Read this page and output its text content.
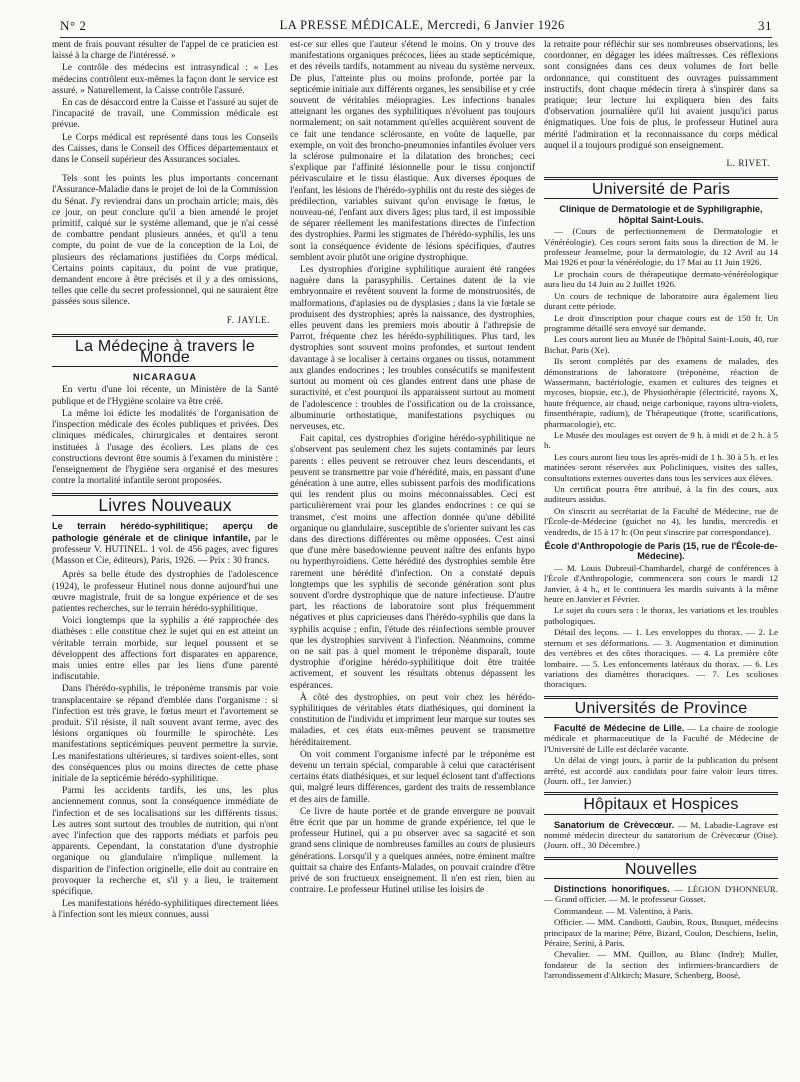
N° 2	LA PRESSE MÉDICALE, Mercredi, 6 Janvier 1926	31

ment de frais pouvant résulter de l'appel de ce praticien est laissé à la charge de l'intéressé. »

Le contrôle des médecins est intrasyndical : « Les médecins contrôlent eux-mêmes la façon dont le service est assuré. » Naturellement, la Caisse contrôle l'assuré.

En cas de désaccord entre la Caisse et l'assuré au sujet de l'incapacité de travail, une Commission médicale est prévue.

Le Corps médical est représenté dans tous les Conseils des Caisses, dans le Conseil des Offices départementaux et dans le Conseil supérieur des Assurances sociales.

Tels sont les points les plus importants concernant l'Assurance-Maladie dans le projet de loi de la Commission du Sénat. J'y reviendrai dans un prochain article; mais, dès ce jour, on peut conclure qu'il a bien amendé le projet primitif, calqué sur le système allemand, que je n'ai cessé de combattre pendant plusieurs années, et qu'il a tenu compte, du point de vue de la conception de la Loi, de plusieurs des réclamations justifiées du Corps médical. Certains points capitaux, du point de vue pratique, demandent encore à être précisés et il y a des omissions, telles que celle du secret professionnel, qui ne sauraient être passées sous silence.

F. JAYLE.
La Médecine à travers le Monde
NICARAGUA

En vertu d'une loi récente, un Ministère de la Santé publique et de l'Hygiène scolaire va être créé.

La même loi édicte les modalités de l'organisation de l'inspection médicale des écoles publiques et privées. Des cliniques médicales, chirurgicales et dentaires seront instituées à l'usage des écoliers. Les plans de ces constructions devront être soumis à l'examen du ministère : l'enseignement de l'hygiène sera organisé et des mesures contre la mortalité infantile seront proposées.

Livres Nouveaux

Le terrain hérédo-syphilitique; aperçu de pathologie générale et de clinique infantile, par le professeur V. HUTINEL. 1 vol. de 456 pages, avec figures (Masson et Cie, éditeurs), Paris, 1926. — Prix : 30 francs.

Après sa belle étude des dystrophies de l'adolescence (1924), le professeur Hutinel nous donne aujourd'hui une œuvre magistrale, fruit de sa longue expérience et de ses patientes recherches, sur le terrain hérédo-syphilitique.

Voici longtemps que la syphilis a été rapprochée des diathèses : elle constitue chez le sujet qui en est atteint un véritable terrain morbide, sur lequel poussent et se développent des affections fort disparates en apparence, mais unies entre elles par les liens d'une parenté indiscutable.

Dans l'hérédo-syphilis, le tréponème transmis par voie transplacentaire se répand d'emblée dans l'organisme : si l'infection est très grave, le fœtus meurt et l'avortement se produit. S'il résiste, il naît souvent avant terme, avec des lésions organiques où fourmille le spirochète. Les manifestations septicémiques peuvent permettre la survie. Les manifestations ultérieures, si tardives soient-elles, sont des conséquences plus ou moins directes de cette phase initiale de la septicémie hérédo-syphilitique.

Parmi les accidents tardifs, les uns, les plus anciennement connus, sont la conséquence immédiate de l'infection et de ses localisations sur les différents tissus. Les autres sont surtout des troubles de nutrition, qui n'ont avec l'infection que des rapports médiats et parfois peu apparents. Cependant, la constatation d'une dystrophie organique ou glandulaire n'implique nullement la disparition de l'infection originelle, elle doit au contraire en provoquer la recherche et, s'il y a lieu, le traitement spécifique.

Les manifestations hérédo-syphilitiques directement liées à l'infection sont les mieux connues, aussi

est-ce sur elles que l'auteur s'étend le moins. On y trouve des manifestations organiques précoces, liées au stade septicémique, et des réveils tardifs, notamment au niveau du système nerveux. De plus, l'atteinte plus ou moins profonde, portée par la septicémie initiale aux différents organes, les sensibilise et y crée souvent de véritables méiopragies. Les infections banales atteignant les organes des syphilitiques n'évoluent pas toujours normalement; on sait notamment qu'elles acquièrent souvent de ce fait une tendance sclérosante, en voûte de laquelle, par exemple, on voit des broncho-pneumonies infantiles évoluer vers la sclérose pulmonaire et la dilatation des bronches; ceci s'explique par l'affinité lésionnelle pour le tissu conjonctif périvasculaire et le tissu élastique. Aux diverses époques de l'enfant, les lésions de l'hérédo-syphilis ont du reste des sièges de prédilection, variables suivant qu'on envisage le fœtus, le nouveau-né, l'enfant aux divers âges; plus tard, il est impossible de séparer réellement les manifestations directes de l'infection des dystrophies. Parmi les stigmates de l'hérédo-syphilis, les uns sont la conséquence évidente de lésions spécifiques, d'autres semblent avoir plutôt une origine dystrophique.

Les dystrophies d'origine syphilitique auraient été rangées naguère dans la parasyphilis. Certaines datent de la vie embryonnaire et revêtent souvent la forme de monstruosités, de malformations, d'aplasies ou de dysplasies ; dans la vie fœtale se produisent des dystrophies; après la naissance, des dystrophies, elles peuvent dans les premiers mois aboutir à l'athrepsie de Parrot, fréquente chez les hérédo-syphilitiques. Plus tard, les dystrophies sont souvent moins profondes, et surtout tendent davantage à se localiser à certains organes ou tissus, notamment aux glandes endocrines ; les troubles consécutifs se manifestent surtout au moment où ces glandes entrent dans une phase de suractivité, et c'est pourquoi ils apparaissent surtout au moment de l'adolescence : troubles de l'ossification ou de la croissance, albuminurie orthostatique, manifestations psychiques ou nerveuses, etc.

Fait capital, ces dystrophies d'origine hérédo-syphilitique ne s'observent pas seulement chez les sujets contaminés par leurs parents : elles peuvent se retrouver chez leurs descendants, et peuvent se transmettre par voie d'hérédité, mais, en passant d'une génération à une autre, elles subissent parfois des modifications qui les rendent plus ou moins méconnaissables. Ceci est particulièrement vrai pour les glandes endocrines : ce qui se transmet, c'est moins une affection donnée qu'une débilité organique ou glandulaire, susceptible de s'orienter suivant les cas dans des directions différentes ou même opposées. C'est ainsi que d'une mère basedowienne peuvent naître des enfants hypo ou hyperthyroïdiens. Cette hérédité des dystrophies semble être rarement une hérédité d'infection. On a constaté depuis longtemps que les syphilis de seconde génération sont plus souvent d'ordre dystrophique que de nature infectieuse. D'autre part, les réactions de laboratoire sont plus fréquemment négatives et plus capricieuses dans l'hérédo-syphilis que dans la syphilis acquise ; enfin, l'étude des réinfections semble prouver que les dystrophies survivent à l'infection. Néanmoins, comme on ne sait pas à quel moment le tréponème disparaît, toute dystrophie d'origine hérédo-syphilitique doit être traitée activement, et souvent les résultats obtenus dépassent les espérances.

À côté des dystrophies, on peut voir chez les hérédo-syphilitiques de véritables états diathésiques, qui dominent la constitution de l'individu et impriment leur marque sur toutes ses maladies, et ces états eux-mêmes peuvent se transmettre héréditairement.

On voit comment l'organisme infecté par le tréponème est devenu un terrain spécial, comparable à celui que caractérisent certains états diathésiques, et sur lequel éclosent tant d'affections qui, malgré leurs différences, gardent des traits de ressemblance et des airs de famille.

Ce livre de haute portée et de grande envergure ne pouvait être écrit que par un homme de grande expérience, tel que le professeur Hutinel, qui a pu observer avec sa sagacité et son grand sens clinique de nombreuses familles au cours de plusieurs générations. Lorsqu'il y a quelques années, notre éminent maître quittait sa chaire des Enfants-Malades, on pouvait craindre d'être privé de son fructueux enseignement. Il n'en est rien, bien au contraire. Le professeur Hutinel utilise les loisirs de

la retraite pour réfléchir sur ses nombreuses observations, les coordonner, en dégager les idées maîtresses. Ces réflexions sont consignées dans ces deux volumes de fort belle ordonnance, qui constituent des ouvrages puissamment instructifs, dont chaque médecin tirera à s'inspirer dans sa pratique; leur lecture lui expliquera bien des faits d'observation journalière qu'il lui avaient jusqu'ici parus énigmatiques. Une fois de plus, le professeur Hutinel aura mérité l'admiration et la reconnaissance du corps médical auquel il a toujours prodigué son enseignement.

L. RIVET.
Université de Paris

Clinique de Dermatologie et de Syphiligraphie, hôpital Saint-Louis.

— (Cours de perfectionnement de Dermatologie et Vénéréologie). Ces cours seront faits sous la direction de M. le professeur Jeanselme, pour la dermatologie, du 12 Avril au 14 Mai 1926 et pour la vénéréologie, du 17 Mai au 11 Juin 1926.

Le prochain cours de thérapeutique dermato-vénéréologique aura lieu du 14 Juin au 2 Juillet 1926.

Un cours de technique de laboratoire aura également lieu durant cette période.

Le droit d'inscription pour chaque cours est de 150 fr. Un programme détaillé sera envoyé sur demande.

Les cours auront lieu au Musée de l'hôpital Saint-Louis, 40, rue Bichat, Paris (Xe).

Ils seront complétés par des examens de malades, des démonstrations de laboratoire (tréponème, réaction de Wassermann, bactériologie, examen et cultures des teignes et mycoses, biopsie, etc.), de Physiothérapie (électricité, rayons X, haute fréquence, air chaud, neige carbonique, rayons ultra-violets, finsenthérapie, radium), de Thérapeutique (frotte, scarifications, pharmacologie), etc.

Le Musée des moulages est ouvert de 9 h. à midi et de 2 h. à 5 h.

Les cours auront lieu tous les après-midi de 1 h. 30 à 5 h. et les matinées seront réservées aux Policliniques, visites des salles, consultations externes ouvertes dans tous les services aux élèves.

Un certificat pourra être attribué, à la fin des cours, aux auditeurs assidus.

On s'inscrit au secrétariat de la Faculté de Médecine, rue de l'École-de-Médecine (guichet no 4), les lundis, mercredis et vendredis, de 15 à 17 h: (On peut s'inscrire par correspondance).

École d'Anthropologie de Paris (15, rue de l'École-de-Médecine).

— M. Louis Dubreuil-Chambardel, chargé de conférences à l'École d'Anthropologie, commencera son cours le mardi 12 Janvier, à 4 h., et le continuera les mardis suivants à la même heure en Janvier et Février.

Le sujet du cours sera : le thorax, les variations et les troubles pathologiques.

Détail des leçons. — 1. Les enveloppes du thorax. — 2. Le sternum et ses déformations. — 3. Augmentation et diminution des vertèbres et des côtes thoraciques. — 4. La première côte lombaire. — 5. Les enfoncements latéraux du thorax. — 6. Les variations des diamètres thoraciques. — 7. Les scolioses thoraciques.

Universités de Province

Faculté de Médecine de Lille. — La chaire de zoologie médicale et pharmaceutique de la Faculté de Médecine de l'Université de Lille est déclarée vacante.

Un délai de vingt jours, à partir de la publication du présent arrêté, est accordé aux candidats pour faire valoir leurs titres. (Journ. off., 1er Janvier.)

Hôpitaux et Hospices

Sanatorium de Crèvecœur. — M. Labadie-Lagrave est nommé médecin directeur du sanatorium de Crèvecœur (Oise). (Journ. off., 30 Décembre.)

Nouvelles

Distinctions honorifiques. — LÉGION D'HONNEUR. — Grand officier. — M. le professeur Gosset.

Commandeur. — M. Valentino, à Paris.

Officier. — MM. Candiotti, Gaubin, Roux, Busquet, médecins principaux de la marine; Pétre, Bizard, Coulon, Deschiens, Iselin, Péraire, Serini, à Paris.

Chevalier. — MM. Quillon, au Blanc (Indre); Muller, fondateur de la section des infirmiers-brancardiers de l'arrondissement d'Altkirch; Masure, Schenberg, Boosé,
